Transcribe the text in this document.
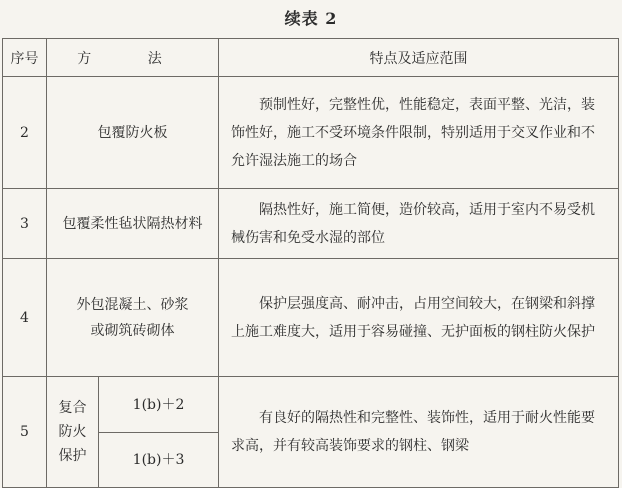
续表 2
序号	方 法		特点及适应范围
2	包覆防火板		预制性好，完整性优，性能稳定，表面平整、光洁，装饰性好，施工不受环境条件限制，特别适用于交叉作业和不允许湿法施工的场合
3	包覆柔性毡状隔热材料		隔热性好，施工简便，造价较高，适用于室内不易受机械伤害和免受水湿的部位
4	外包混凝土、砂浆
或砌筑砖砌体		保护层强度高、耐冲击，占用空间较大，在钢梁和斜撑上施工难度大，适用于容易碰撞、无护面板的钢柱防火保护
5	复合
防火
保护	1(b)＋2	有良好的隔热性和完整性、装饰性，适用于耐火性能要求高，并有较高装饰要求的钢柱、钢梁
		1(b)＋3	
